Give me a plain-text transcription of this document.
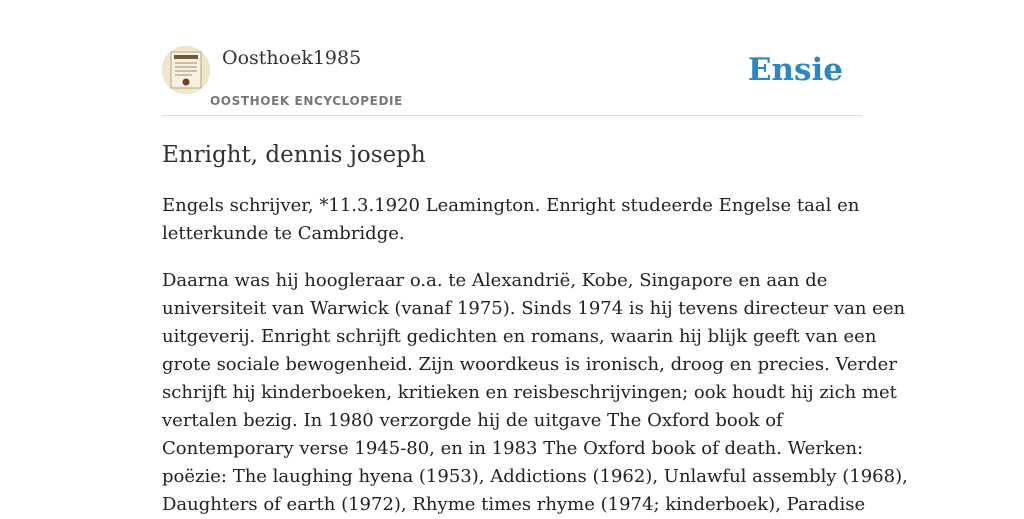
Oosthoek1985
OOSTHOEK ENCYCLOPEDIE
Ensie
Enright, dennis joseph
Engels schrijver, *11.3.1920 Leamington. Enright studeerde Engelse taal en
letterkunde te Cambridge.
Daarna was hij hoogleraar o.a. te Alexandrië, Kobe, Singapore en aan de
universiteit van Warwick (vanaf 1975). Sinds 1974 is hij tevens directeur van een
uitgeverij. Enright schrijft gedichten en romans, waarin hij blijk geeft van een
grote sociale bewogenheid. Zijn woordkeus is ironisch, droog en precies. Verder
schrijft hij kinderboeken, kritieken en reisbeschrijvingen; ook houdt hij zich met
vertalen bezig. In 1980 verzorgde hij de uitgave The Oxford book of
Contemporary verse 1945-80, en in 1983 The Oxford book of death. Werken:
poëzie: The laughing hyena (1953), Addictions (1962), Unlawful assembly (1968),
Daughters of earth (1972), Rhyme times rhyme (1974; kinderboek), Paradise
